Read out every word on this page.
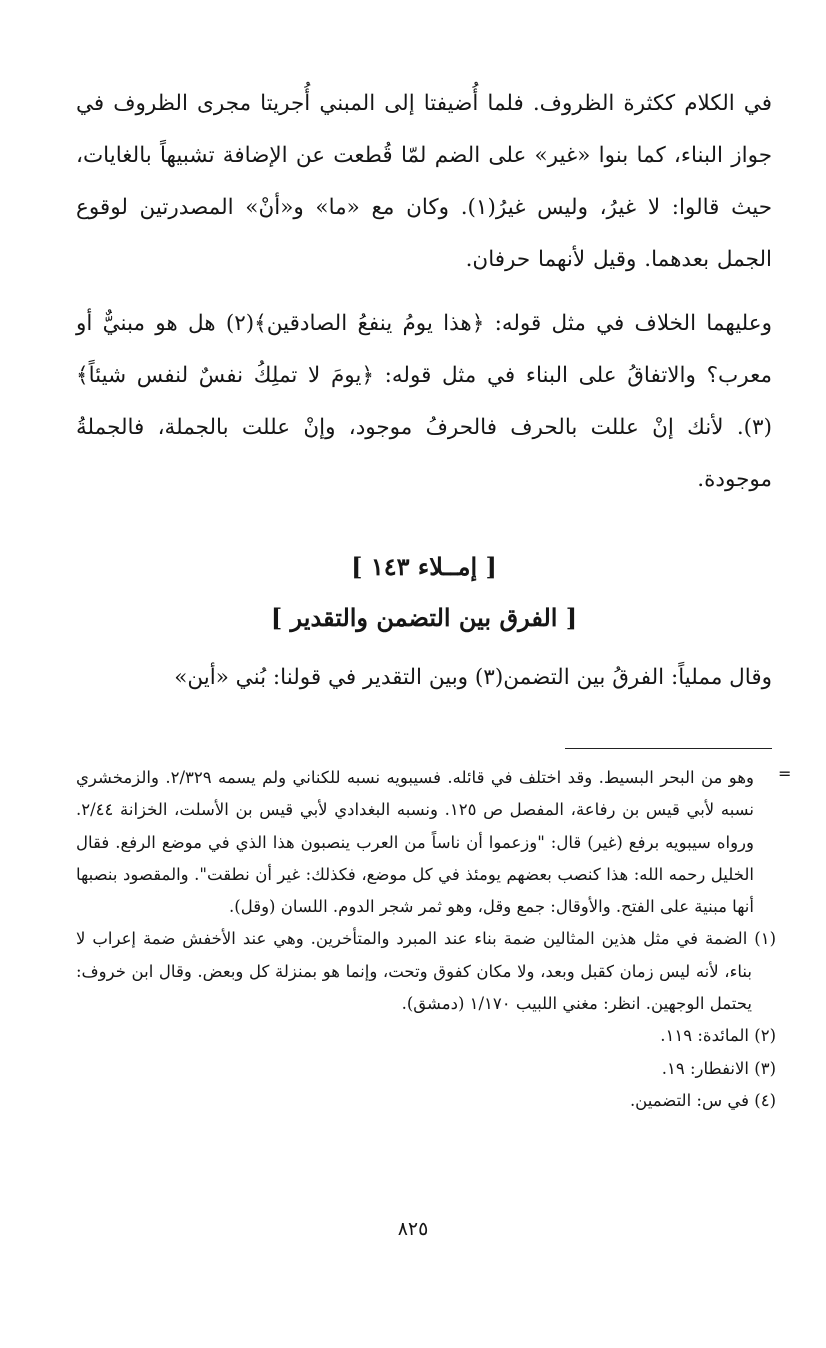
في الكلام ككثرة الظروف. فلما أُضيفتا إلى المبني أُجريتا مجرى الظروف في جواز البناء، كما بنوا «غير» على الضم لمّا قُطعت عن الإضافة تشبيهاً بالغايات، حيث قالوا: لا غيرُ، وليس غيرُ(١). وكان مع «ما» و«أنْ» المصدرتين لوقوع الجمل بعدهما. وقيل لأنهما حرفان.

وعليهما الخلاف في مثل قوله: ﴿هذا يومُ ينفعُ الصادقين﴾(٢) هل هو مبنيٌّ أو معرب؟ والاتفاقُ على البناء في مثل قوله: ﴿يومَ لا تملِكُ نفسٌ لنفس شيئاً﴾(٣). لأنك إنْ عللت بالحرف فالحرفُ موجود، وإنْ عللت بالجملة، فالجملةُ موجودة.

[ إمــلاء ١٤٣ ]
[ الفرق بين التضمن والتقدير ]

وقال مملياً: الفرقُ بين التضمن(٣) وبين التقدير في قولنا: بُني «أين»

=

وهو من البحر البسيط. وقد اختلف في قائله. فسيبويه نسبه للكناني ولم يسمه ٢/٣٢٩. والزمخشري نسبه لأبي قيس بن رفاعة، المفصل ص ١٢٥. ونسبه البغدادي لأبي قيس بن الأسلت، الخزانة ٢/٤٤. ورواه سيبويه برفع (غير) قال: "وزعموا أن ناساً من العرب ينصبون هذا الذي في موضع الرفع. فقال الخليل رحمه الله: هذا كنصب بعضهم يومئذ في كل موضع، فكذلك: غير أن نطقت". والمقصود بنصبها أنها مبنية على الفتح. والأوقال: جمع وقل، وهو ثمر شجر الدوم. اللسان (وقل).

(١) الضمة في مثل هذين المثالين ضمة بناء عند المبرد والمتأخرين. وهي عند الأخفش ضمة إعراب لا بناء، لأنه ليس زمان كقبل وبعد، ولا مكان كفوق وتحت، وإنما هو بمنزلة كل وبعض. وقال ابن خروف: يحتمل الوجهين. انظر: مغني اللبيب ١/١٧٠ (دمشق).

(٢) المائدة: ١١٩.

(٣) الانفطار: ١٩.

(٤) في س: التضمين.

٨٢٥
